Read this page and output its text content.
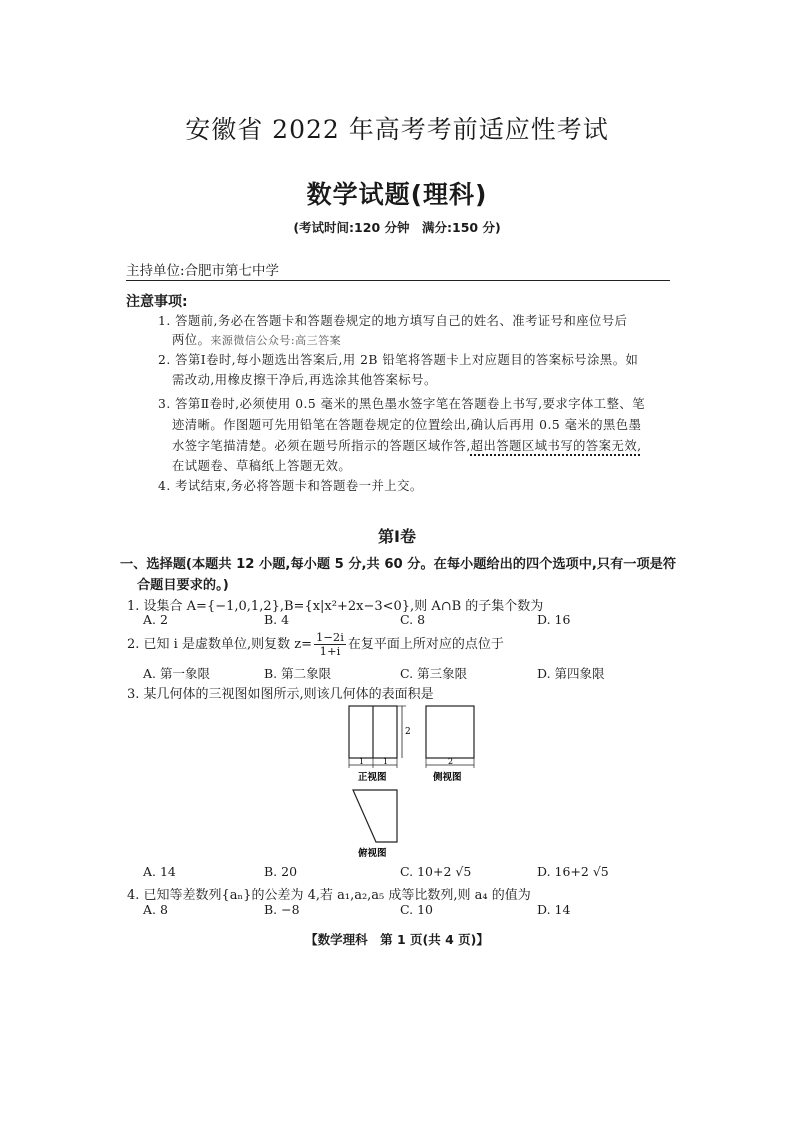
安徽省 2022 年高考考前适应性考试
数学试题(理科)
(考试时间:120 分钟　满分:150 分)
主持单位:合肥市第七中学
注意事项:
1. 答题前,务必在答题卡和答题卷规定的地方填写自己的姓名、准考证号和座位号后
两位。来源微信公众号:高三答案
2. 答第Ⅰ卷时,每小题选出答案后,用 2B 铅笔将答题卡上对应题目的答案标号涂黑。如
需改动,用橡皮擦干净后,再选涂其他答案标号。
3. 答第Ⅱ卷时,必须使用 0.5 毫米的黑色墨水签字笔在答题卷上书写,要求字体工整、笔
迹清晰。作图题可先用铅笔在答题卷规定的位置绘出,确认后再用 0.5 毫米的黑色墨
水签字笔描清楚。必须在题号所指示的答题区域作答,超出答题区域书写的答案无效,
在试题卷、草稿纸上答题无效。
4. 考试结束,务必将答题卡和答题卷一并上交。
第Ⅰ卷
一、选择题(本题共 12 小题,每小题 5 分,共 60 分。在每小题给出的四个选项中,只有一项是符
合题目要求的。)
1. 设集合 A={−1,0,1,2},B={x|x²+2x−3<0},则 A∩B 的子集个数为
A. 2	B. 4	C. 8	D. 16
2. 已知 i 是虚数单位,则复数 $z= \frac{1-2i}{1+i}$ 在复平面上所对应的点位于
A. 第一象限	B. 第二象限	C. 第三象限	D. 第四象限
3. 某几何体的三视图如图所示,则该几何体的表面积是
2
1 1
正视图
2
侧视图
俯视图
A. 14	B. 20	C. 10+2 √5	D. 16+2 √5
4. 已知等差数列{aₙ}的公差为 4,若 a₁,a₂,a₅ 成等比数列,则 a₄ 的值为
A. 8	B. −8	C. 10	D. 14
【数学理科　第 1 页(共 4 页)】
